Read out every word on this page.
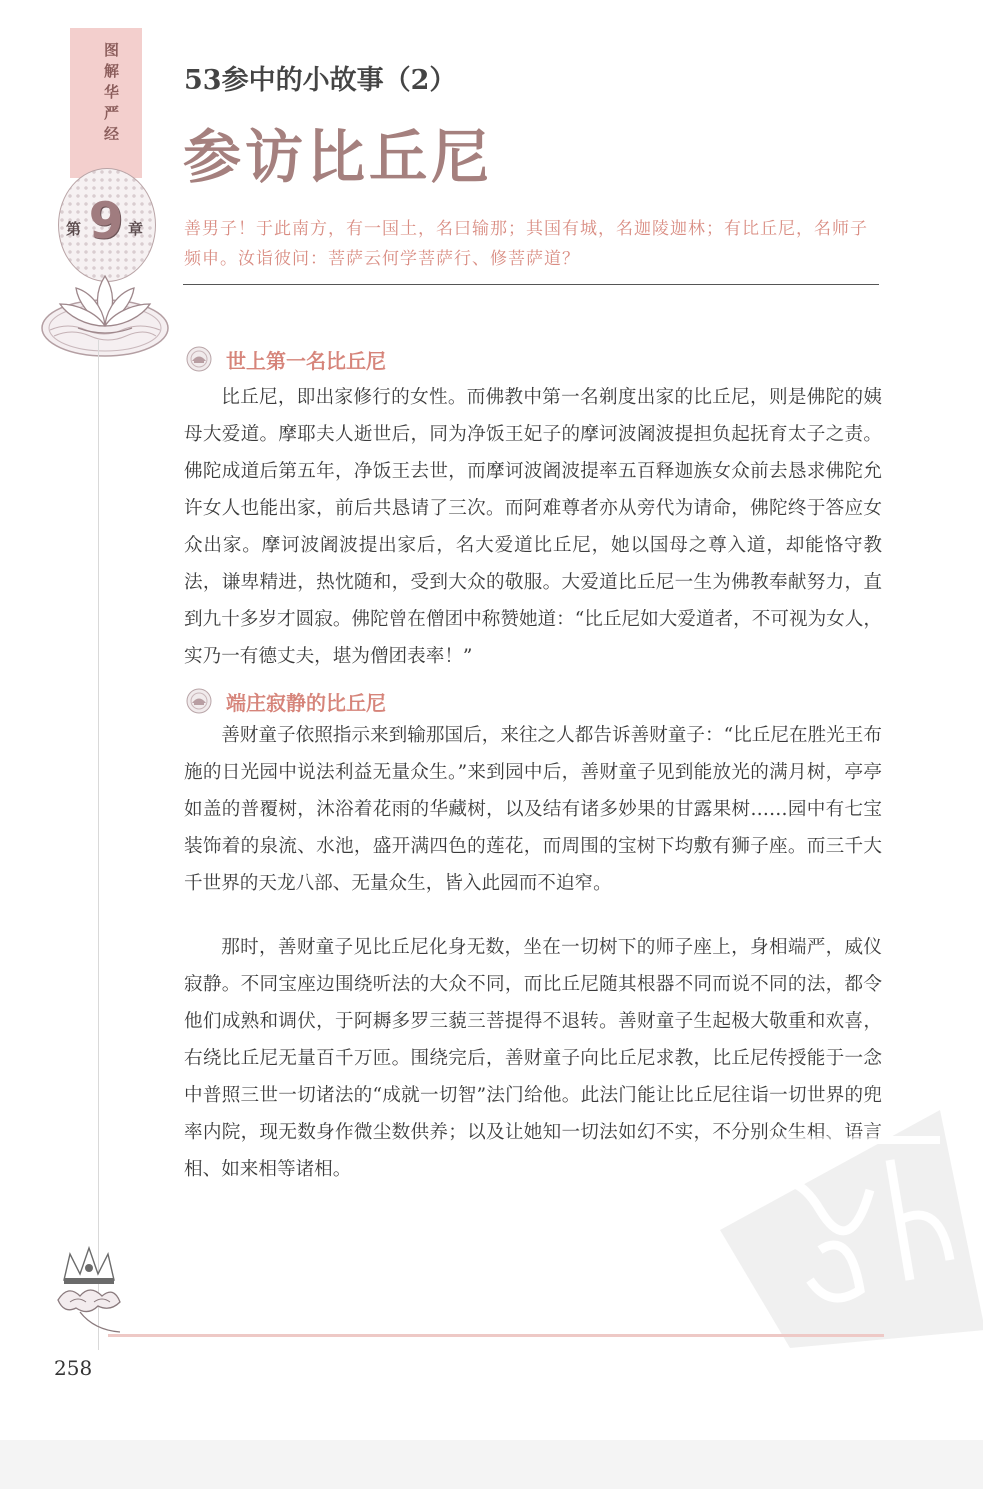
图解华严经
第 9 章
53参中的小故事（2）
参访比丘尼
善男子！于此南方，有一国土，名曰输那；其国有城，名迦陵迦林；有比丘尼，名师子频申。汝诣彼问：菩萨云何学菩萨行、修菩萨道？
世上第一名比丘尼

比丘尼，即出家修行的女性。而佛教中第一名剃度出家的比丘尼，则是佛陀的姨母大爱道。摩耶夫人逝世后，同为净饭王妃子的摩诃波阇波提担负起抚育太子之责。佛陀成道后第五年，净饭王去世，而摩诃波阇波提率五百释迦族女众前去恳求佛陀允许女人也能出家，前后共恳请了三次。而阿难尊者亦从旁代为请命，佛陀终于答应女众出家。摩诃波阇波提出家后，名大爱道比丘尼，她以国母之尊入道，却能恪守教法，谦卑精进，热忱随和，受到大众的敬服。大爱道比丘尼一生为佛教奉献努力，直到九十多岁才圆寂。佛陀曾在僧团中称赞她道：“比丘尼如大爱道者，不可视为女人，实乃一有德丈夫，堪为僧团表率！”

端庄寂静的比丘尼

善财童子依照指示来到输那国后，来往之人都告诉善财童子：“比丘尼在胜光王布施的日光园中说法利益无量众生。”来到园中后，善财童子见到能放光的满月树，亭亭如盖的普覆树，沐浴着花雨的华藏树，以及结有诸多妙果的甘露果树……园中有七宝装饰着的泉流、水池，盛开满四色的莲花，而周围的宝树下均敷有狮子座。而三千大千世界的天龙八部、无量众生，皆入此园而不迫窄。

那时，善财童子见比丘尼化身无数，坐在一切树下的师子座上，身相端严，威仪寂静。不同宝座边围绕听法的大众不同，而比丘尼随其根器不同而说不同的法，都令他们成熟和调伏，于阿耨多罗三藐三菩提得不退转。善财童子生起极大敬重和欢喜，右绕比丘尼无量百千万匝。围绕完后，善财童子向比丘尼求教，比丘尼传授能于一念中普照三世一切诸法的“成就一切智”法门给他。此法门能让比丘尼往诣一切世界的兜率内院，现无数身作微尘数供养；以及让她知一切法如幻不实，不分别众生相、语言相、如来相等诸相。

258
